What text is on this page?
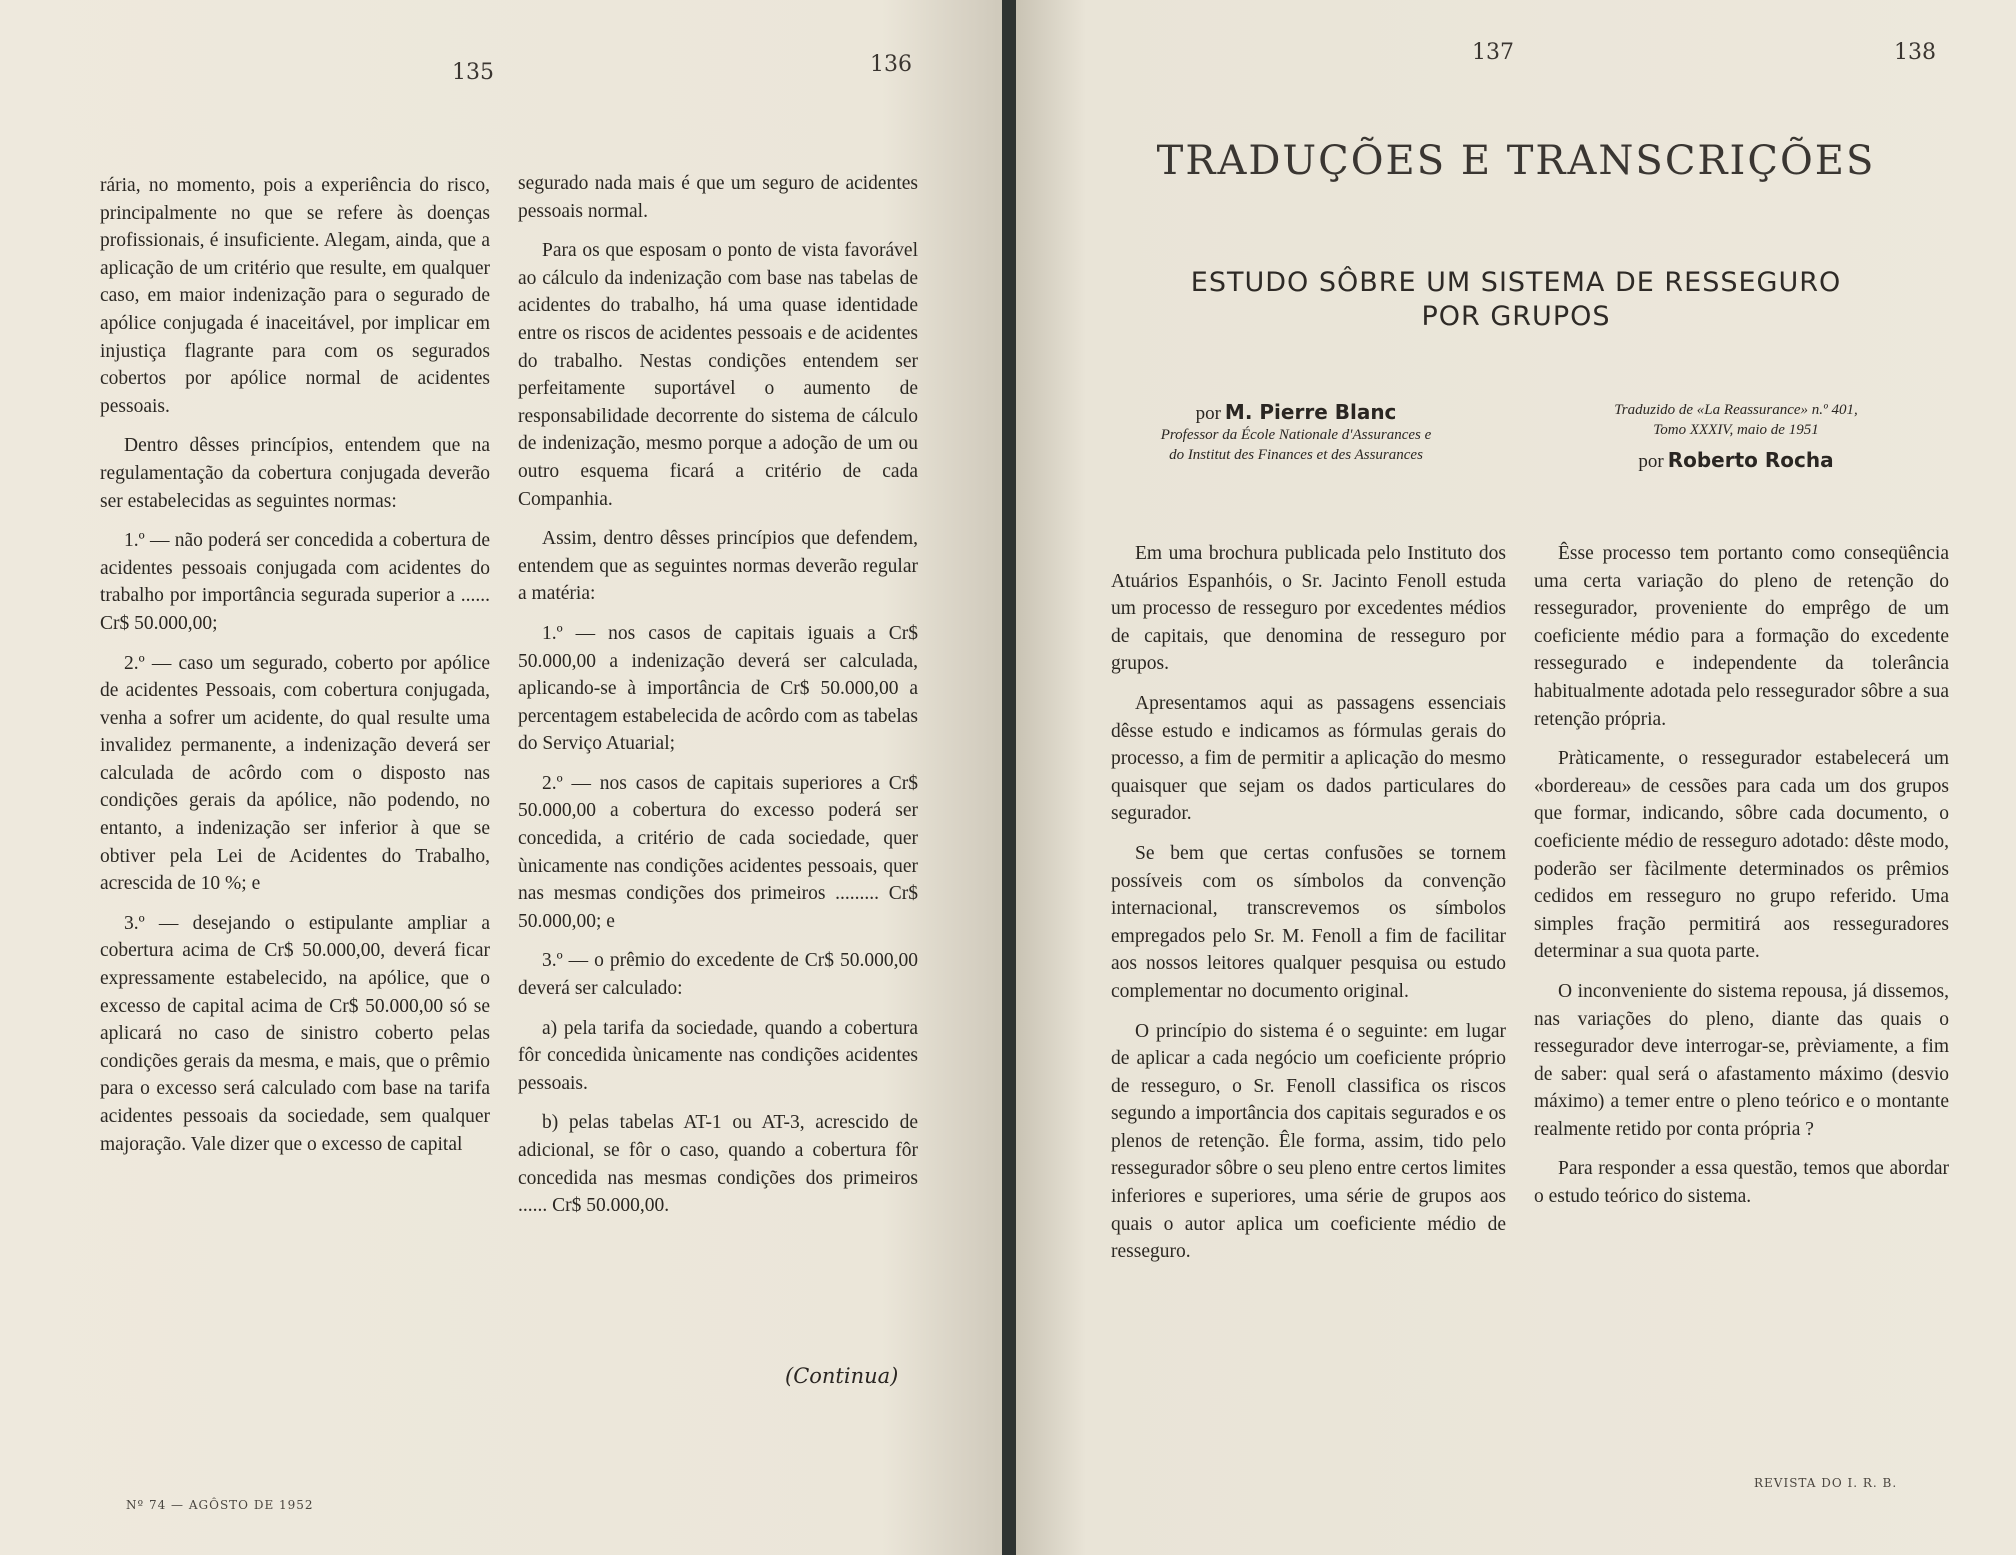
135	136

rária, no momento, pois a experiência do risco, principalmente no que se refere às doenças profissionais, é insuficiente. Alegam, ainda, que a aplicação de um critério que resulte, em qualquer caso, em maior indenização para o segurado de apólice conjugada é inaceitável, por implicar em injustiça flagrante para com os segurados cobertos por apólice normal de acidentes pessoais.

Dentro dêsses princípios, entendem que na regulamentação da cobertura conjugada deverão ser estabelecidas as seguintes normas:

1.º — não poderá ser concedida a cobertura de acidentes pessoais conjugada com acidentes do trabalho por importância segurada superior a ...... Cr$ 50.000,00;

2.º — caso um segurado, coberto por apólice de acidentes Pessoais, com cobertura conjugada, venha a sofrer um acidente, do qual resulte uma invalidez permanente, a indenização deverá ser calculada de acôrdo com o disposto nas condições gerais da apólice, não podendo, no entanto, a indenização ser inferior à que se obtiver pela Lei de Acidentes do Trabalho, acrescida de 10 %; e

3.º — desejando o estipulante ampliar a cobertura acima de Cr$ 50.000,00, deverá ficar expressamente estabelecido, na apólice, que o excesso de capital acima de Cr$ 50.000,00 só se aplicará no caso de sinistro coberto pelas condições gerais da mesma, e mais, que o prêmio para o excesso será calculado com base na tarifa acidentes pessoais da sociedade, sem qualquer majoração. Vale dizer que o excesso de capital

segurado nada mais é que um seguro de acidentes pessoais normal.

Para os que esposam o ponto de vista favorável ao cálculo da indenização com base nas tabelas de acidentes do trabalho, há uma quase identidade entre os riscos de acidentes pessoais e de acidentes do trabalho. Nestas condições entendem ser perfeitamente suportável o aumento de responsabilidade decorrente do sistema de cálculo de indenização, mesmo porque a adoção de um ou outro esquema ficará a critério de cada Companhia.

Assim, dentro dêsses princípios que defendem, entendem que as seguintes normas deverão regular a matéria:

1.º — nos casos de capitais iguais a Cr$ 50.000,00 a indenização deverá ser calculada, aplicando-se à importância de Cr$ 50.000,00 a percentagem estabelecida de acôrdo com as tabelas do Serviço Atuarial;

2.º — nos casos de capitais superiores a Cr$ 50.000,00 a cobertura do excesso poderá ser concedida, a critério de cada sociedade, quer ùnicamente nas condições acidentes pessoais, quer nas mesmas condições dos primeiros ......... Cr$ 50.000,00; e

3.º — o prêmio do excedente de Cr$ 50.000,00 deverá ser calculado:

a) pela tarifa da sociedade, quando a cobertura fôr concedida ùnicamente nas condições acidentes pessoais.

b) pelas tabelas AT-1 ou AT-3, acrescido de adicional, se fôr o caso, quando a cobertura fôr concedida nas mesmas condições dos primeiros ...... Cr$ 50.000,00.

(Continua)
Nº 74 — AGÔSTO DE 1952
137	138
TRADUÇÕES E TRANSCRIÇÕES
ESTUDO SÔBRE UM SISTEMA DE RESSEGURO
POR GRUPOS
por M. Pierre Blanc
Professor da École Nationale d'Assurances e
do Institut des Finances et des Assurances
Traduzido de «La Reassurance» n.º 401,
Tomo XXXIV, maio de 1951
por Roberto Rocha

Em uma brochura publicada pelo Instituto dos Atuários Espanhóis, o Sr. Jacinto Fenoll estuda um processo de resseguro por excedentes médios de capitais, que denomina de resseguro por grupos.

Apresentamos aqui as passagens essenciais dêsse estudo e indicamos as fórmulas gerais do processo, a fim de permitir a aplicação do mesmo quaisquer que sejam os dados particulares do segurador.

Se bem que certas confusões se tornem possíveis com os símbolos da convenção internacional, transcrevemos os símbolos empregados pelo Sr. M. Fenoll a fim de facilitar aos nossos leitores qualquer pesquisa ou estudo complementar no documento original.

O princípio do sistema é o seguinte: em lugar de aplicar a cada negócio um coeficiente próprio de resseguro, o Sr. Fenoll classifica os riscos segundo a importância dos capitais segurados e os plenos de retenção. Êle forma, assim, tido pelo ressegurador sôbre o seu pleno entre certos limites inferiores e superiores, uma série de grupos aos quais o autor aplica um coeficiente médio de resseguro.

Êsse processo tem portanto como conseqüência uma certa variação do pleno de retenção do ressegurador, proveniente do emprêgo de um coeficiente médio para a formação do excedente ressegurado e independente da tolerância habitualmente adotada pelo ressegurador sôbre a sua retenção própria.

Pràticamente, o ressegurador estabelecerá um «bordereau» de cessões para cada um dos grupos que formar, indicando, sôbre cada documento, o coeficiente médio de resseguro adotado: dêste modo, poderão ser fàcilmente determinados os prêmios cedidos em resseguro no grupo referido. Uma simples fração permitirá aos resseguradores determinar a sua quota parte.

O inconveniente do sistema repousa, já dissemos, nas variações do pleno, diante das quais o ressegurador deve interrogar-se, prèviamente, a fim de saber: qual será o afastamento máximo (desvio máximo) a temer entre o pleno teórico e o montante realmente retido por conta própria ?

Para responder a essa questão, temos que abordar o estudo teórico do sistema.

REVISTA DO I. R. B.
